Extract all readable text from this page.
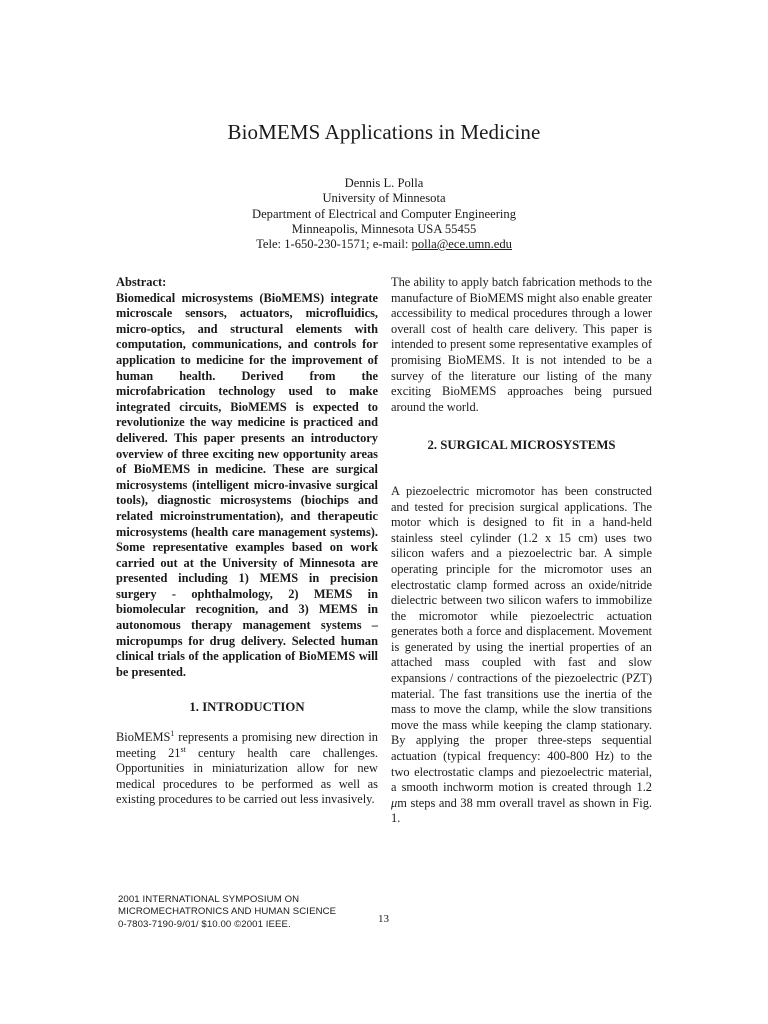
BioMEMS Applications in Medicine
Dennis L. Polla
University of Minnesota
Department of Electrical and Computer Engineering
Minneapolis, Minnesota USA 55455
Tele: 1-650-230-1571; e-mail: polla@ece.umn.edu
Abstract:
Biomedical microsystems (BioMEMS) integrate microscale sensors, actuators, microfluidics, micro-optics, and structural elements with computation, communications, and controls for application to medicine for the improvement of human health. Derived from the microfabrication technology used to make integrated circuits, BioMEMS is expected to revolutionize the way medicine is practiced and delivered. This paper presents an introductory overview of three exciting new opportunity areas of BioMEMS in medicine. These are surgical microsystems (intelligent micro-invasive surgical tools), diagnostic microsystems (biochips and related microinstrumentation), and therapeutic microsystems (health care management systems). Some representative examples based on work carried out at the University of Minnesota are presented including 1) MEMS in precision surgery - ophthalmology, 2) MEMS in biomolecular recognition, and 3) MEMS in autonomous therapy management systems – micropumps for drug delivery. Selected human clinical trials of the application of BioMEMS will be presented.
1. INTRODUCTION
BioMEMS$^1$ represents a promising new direction in meeting 21st century health care challenges. Opportunities in miniaturization allow for new medical procedures to be performed as well as existing procedures to be carried out less invasively.
The ability to apply batch fabrication methods to the manufacture of BioMEMS might also enable greater accessibility to medical procedures through a lower overall cost of health care delivery. This paper is intended to present some representative examples of promising BioMEMS. It is not intended to be a survey of the literature our listing of the many exciting BioMEMS approaches being pursued around the world.
2. SURGICAL MICROSYSTEMS
A piezoelectric micromotor has been constructed and tested for precision surgical applications. The motor which is designed to fit in a hand-held stainless steel cylinder (1.2 x 15 cm) uses two silicon wafers and a piezoelectric bar. A simple operating principle for the micromotor uses an electrostatic clamp formed across an oxide/nitride dielectric between two silicon wafers to immobilize the micromotor while piezoelectric actuation generates both a force and displacement. Movement is generated by using the inertial properties of an attached mass coupled with fast and slow expansions / contractions of the piezoelectric (PZT) material. The fast transitions use the inertia of the mass to move the clamp, while the slow transitions move the mass while keeping the clamp stationary. By applying the proper three-steps sequential actuation (typical frequency: 400-800 Hz) to the two electrostatic clamps and piezoelectric material, a smooth inchworm motion is created through 1.2 μm steps and 38 mm overall travel as shown in Fig. 1.
2001 INTERNATIONAL SYMPOSIUM ON
MICROMECHATRONICS AND HUMAN SCIENCE
0-7803-7190-9/01/ $10.00 ©2001 IEEE.	13
